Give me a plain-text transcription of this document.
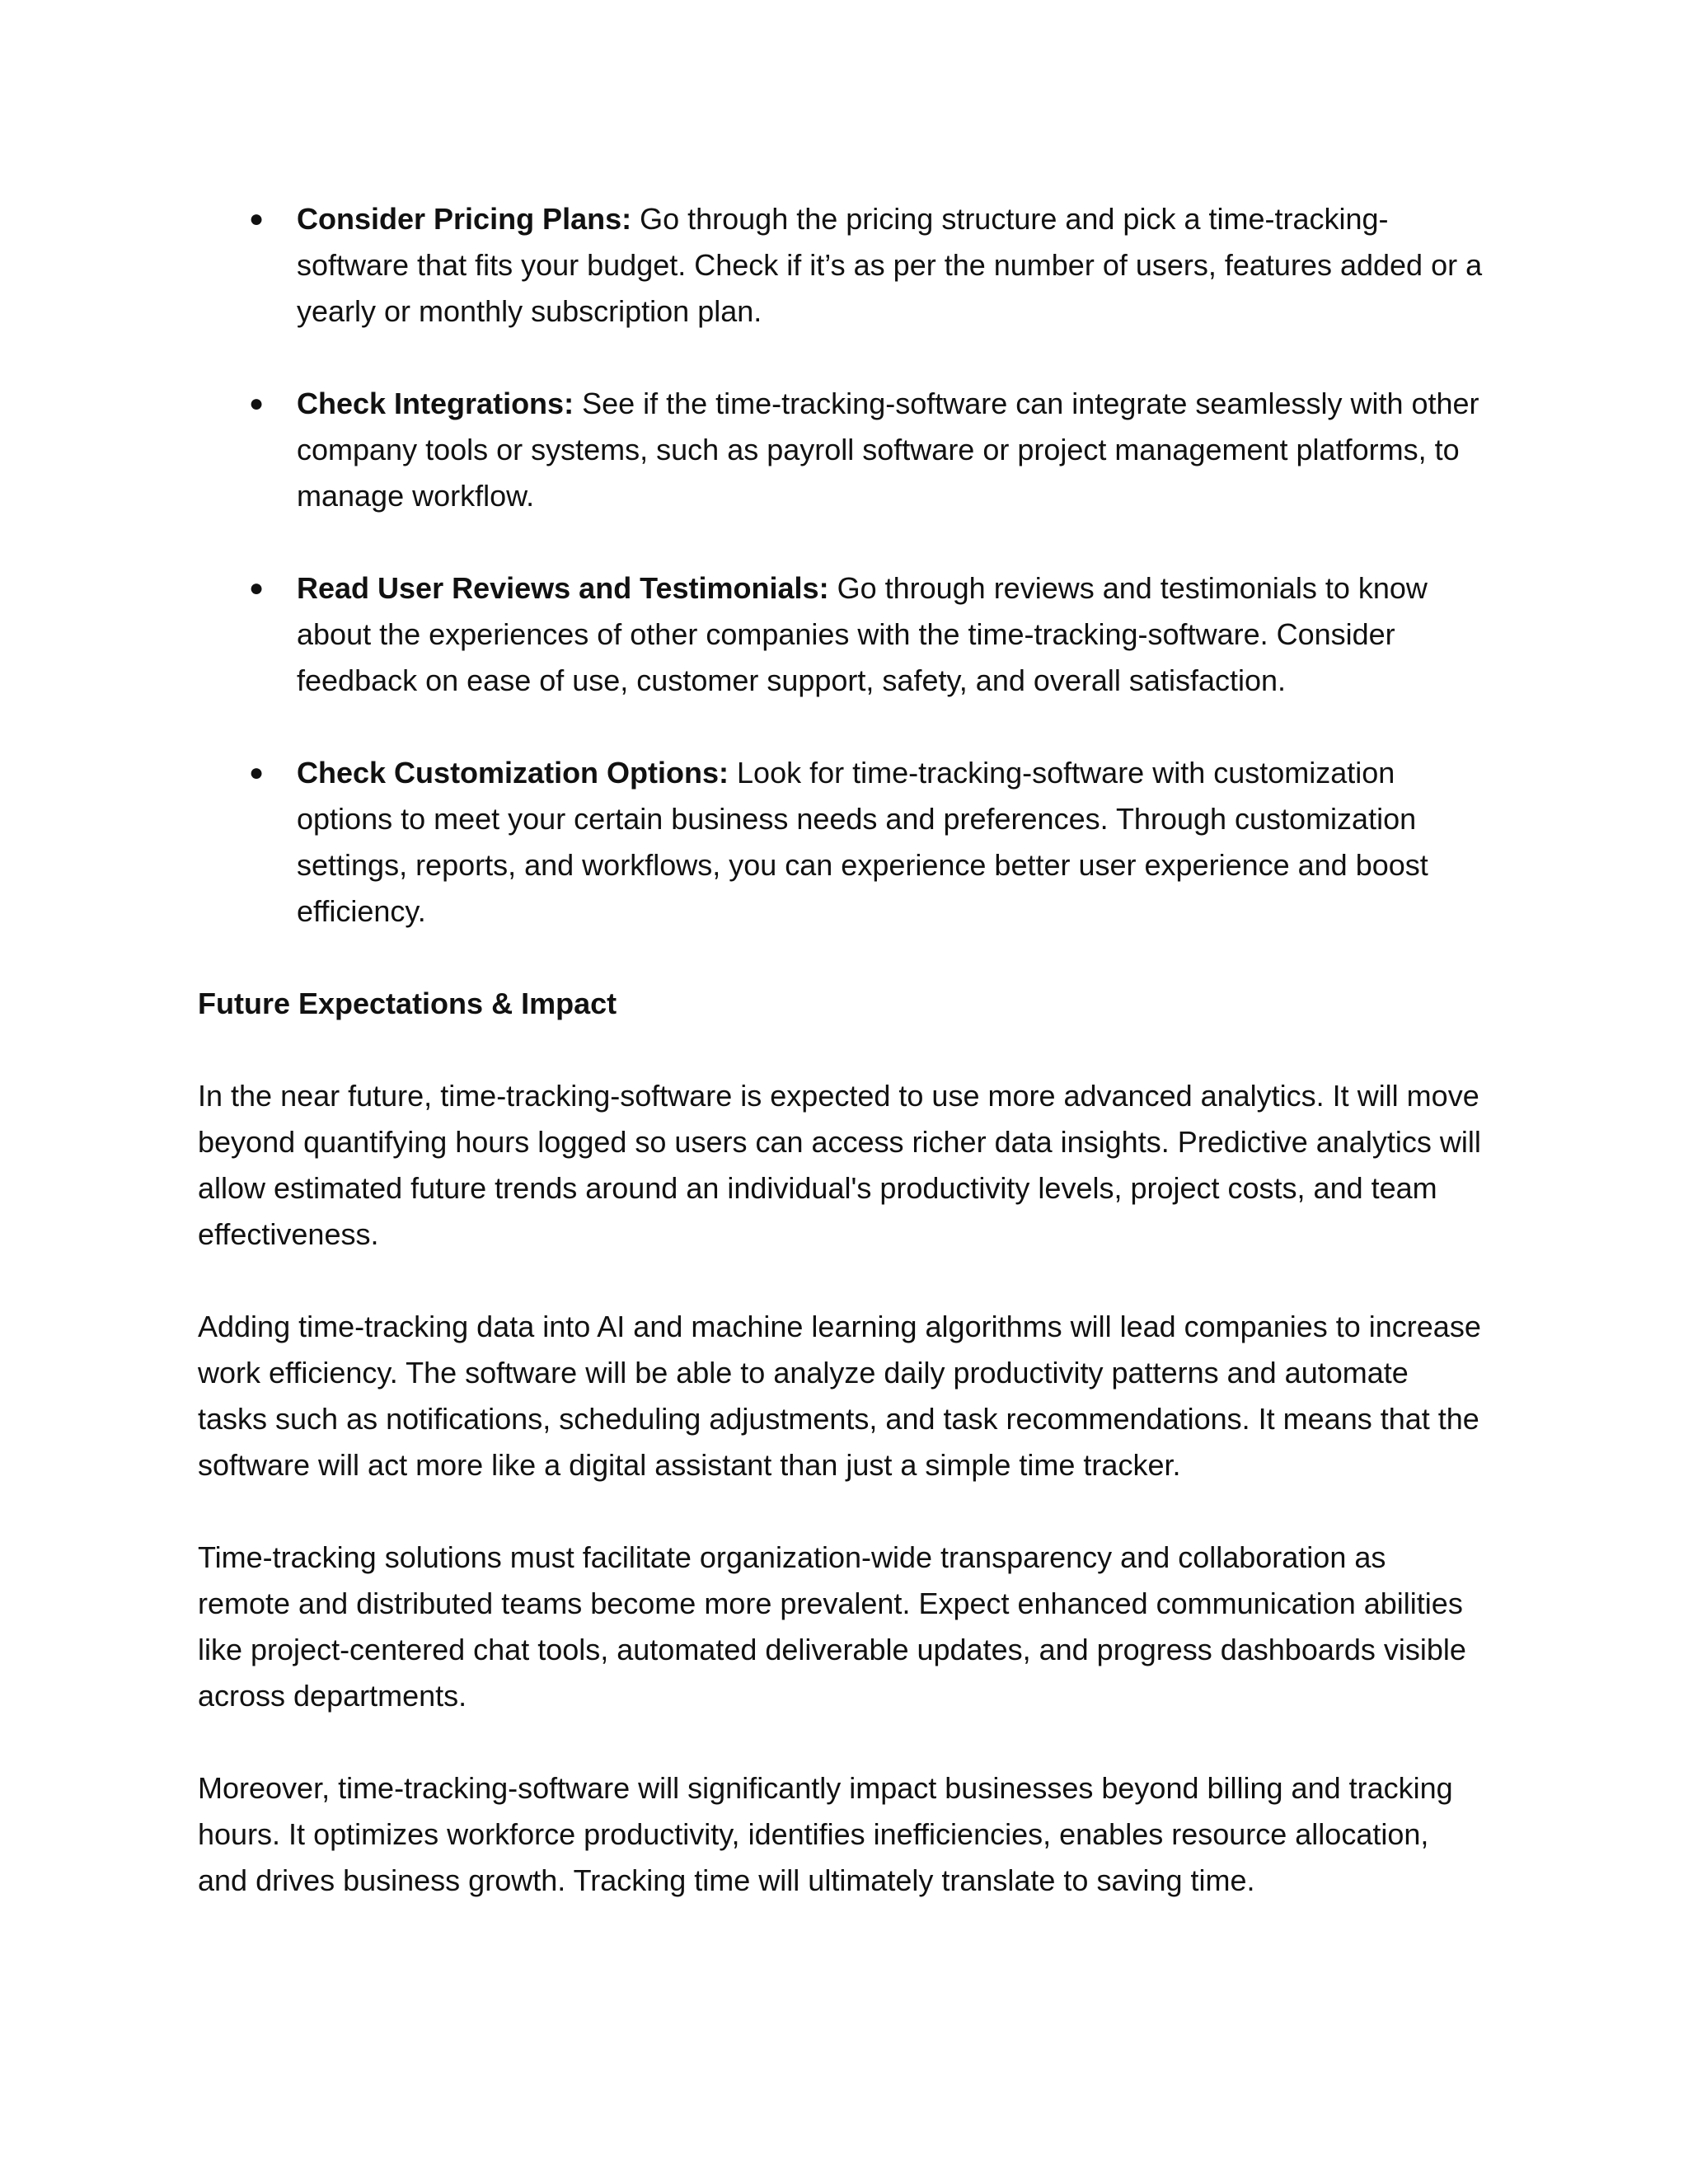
● Consider Pricing Plans: Go through the pricing structure and pick a time-tracking-software that fits your budget. Check if it’s as per the number of users, features added or a yearly or monthly subscription plan.
● Check Integrations: See if the time-tracking-software can integrate seamlessly with other company tools or systems, such as payroll software or project management platforms, to manage workflow.
● Read User Reviews and Testimonials: Go through reviews and testimonials to know about the experiences of other companies with the time-tracking-software. Consider feedback on ease of use, customer support, safety, and overall satisfaction.
● Check Customization Options: Look for time-tracking-software with customization options to meet your certain business needs and preferences. Through customization settings, reports, and workflows, you can experience better user experience and boost efficiency.
Future Expectations & Impact

In the near future, time-tracking-software is expected to use more advanced analytics. It will move beyond quantifying hours logged so users can access richer data insights. Predictive analytics will allow estimated future trends around an individual's productivity levels, project costs, and team effectiveness.

Adding time-tracking data into AI and machine learning algorithms will lead companies to increase work efficiency. The software will be able to analyze daily productivity patterns and automate tasks such as notifications, scheduling adjustments, and task recommendations. It means that the software will act more like a digital assistant than just a simple time tracker.

Time-tracking solutions must facilitate organization-wide transparency and collaboration as remote and distributed teams become more prevalent. Expect enhanced communication abilities like project-centered chat tools, automated deliverable updates, and progress dashboards visible across departments.

Moreover, time-tracking-software will significantly impact businesses beyond billing and tracking hours. It optimizes workforce productivity, identifies inefficiencies, enables resource allocation, and drives business growth. Tracking time will ultimately translate to saving time.
